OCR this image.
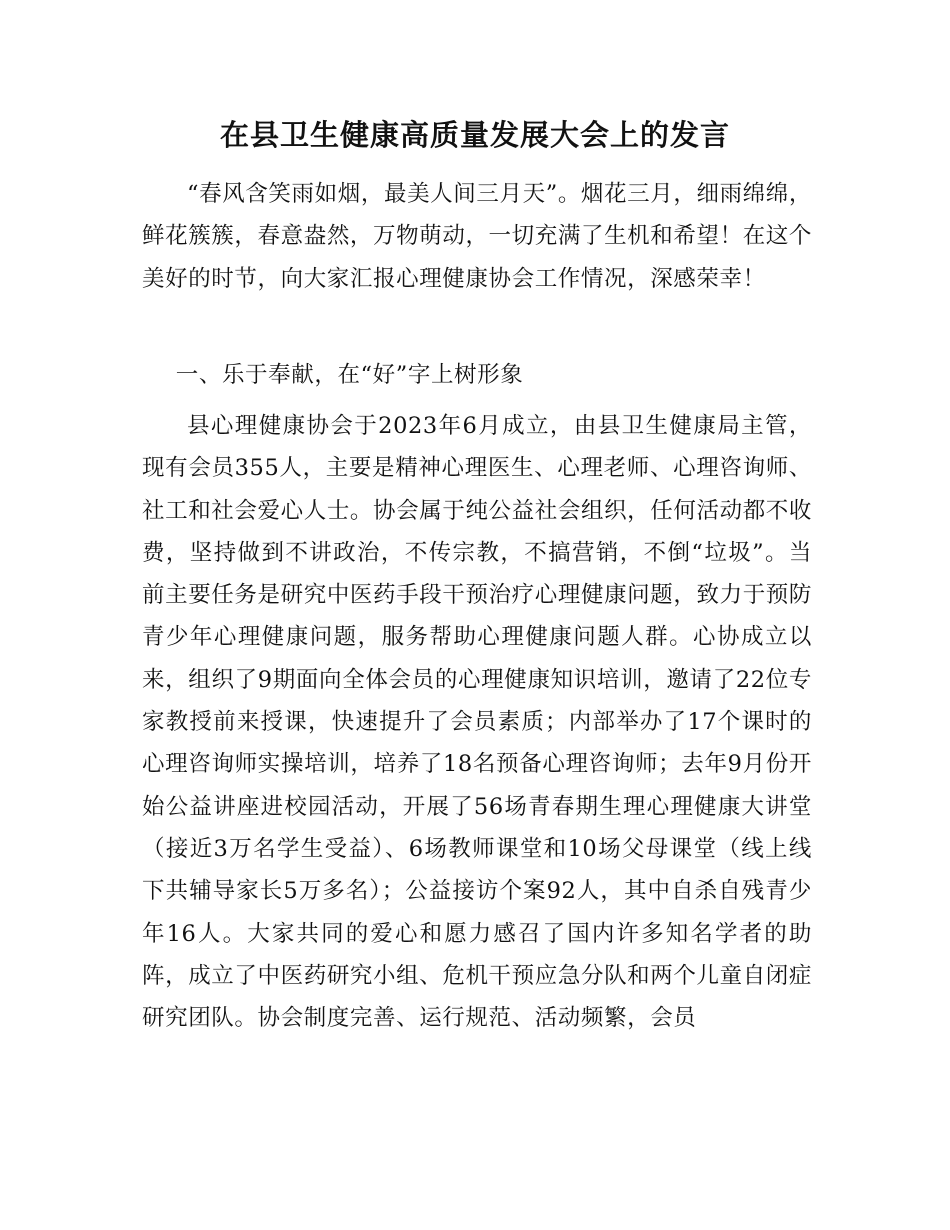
在县卫生健康高质量发展大会上的发言

“春风含笑雨如烟，最美人间三月天”。烟花三月，细雨绵绵，鲜花簇簇，春意盎然，万物萌动，一切充满了生机和希望！在这个美好的时节，向大家汇报心理健康协会工作情况，深感荣幸！

一、乐于奉献，在“好”字上树形象

县心理健康协会于2023年6月成立，由县卫生健康局主管，现有会员355人，主要是精神心理医生、心理老师、心理咨询师、社工和社会爱心人士。协会属于纯公益社会组织，任何活动都不收费，坚持做到不讲政治，不传宗教，不搞营销，不倒“垃圾”。当前主要任务是研究中医药手段干预治疗心理健康问题，致力于预防青少年心理健康问题，服务帮助心理健康问题人群。心协成立以来，组织了9期面向全体会员的心理健康知识培训，邀请了22位专家教授前来授课，快速提升了会员素质；内部举办了17个课时的心理咨询师实操培训，培养了18名预备心理咨询师；去年9月份开始公益讲座进校园活动，开展了56场青春期生理心理健康大讲堂（接近3万名学生受益）、6场教师课堂和10场父母课堂（线上线下共辅导家长5万多名）；公益接访个案92人，其中自杀自残青少年16人。大家共同的爱心和愿力感召了国内许多知名学者的助阵，成立了中医药研究小组、危机干预应急分队和两个儿童自闭症研究团队。协会制度完善、运行规范、活动频繁，会员
